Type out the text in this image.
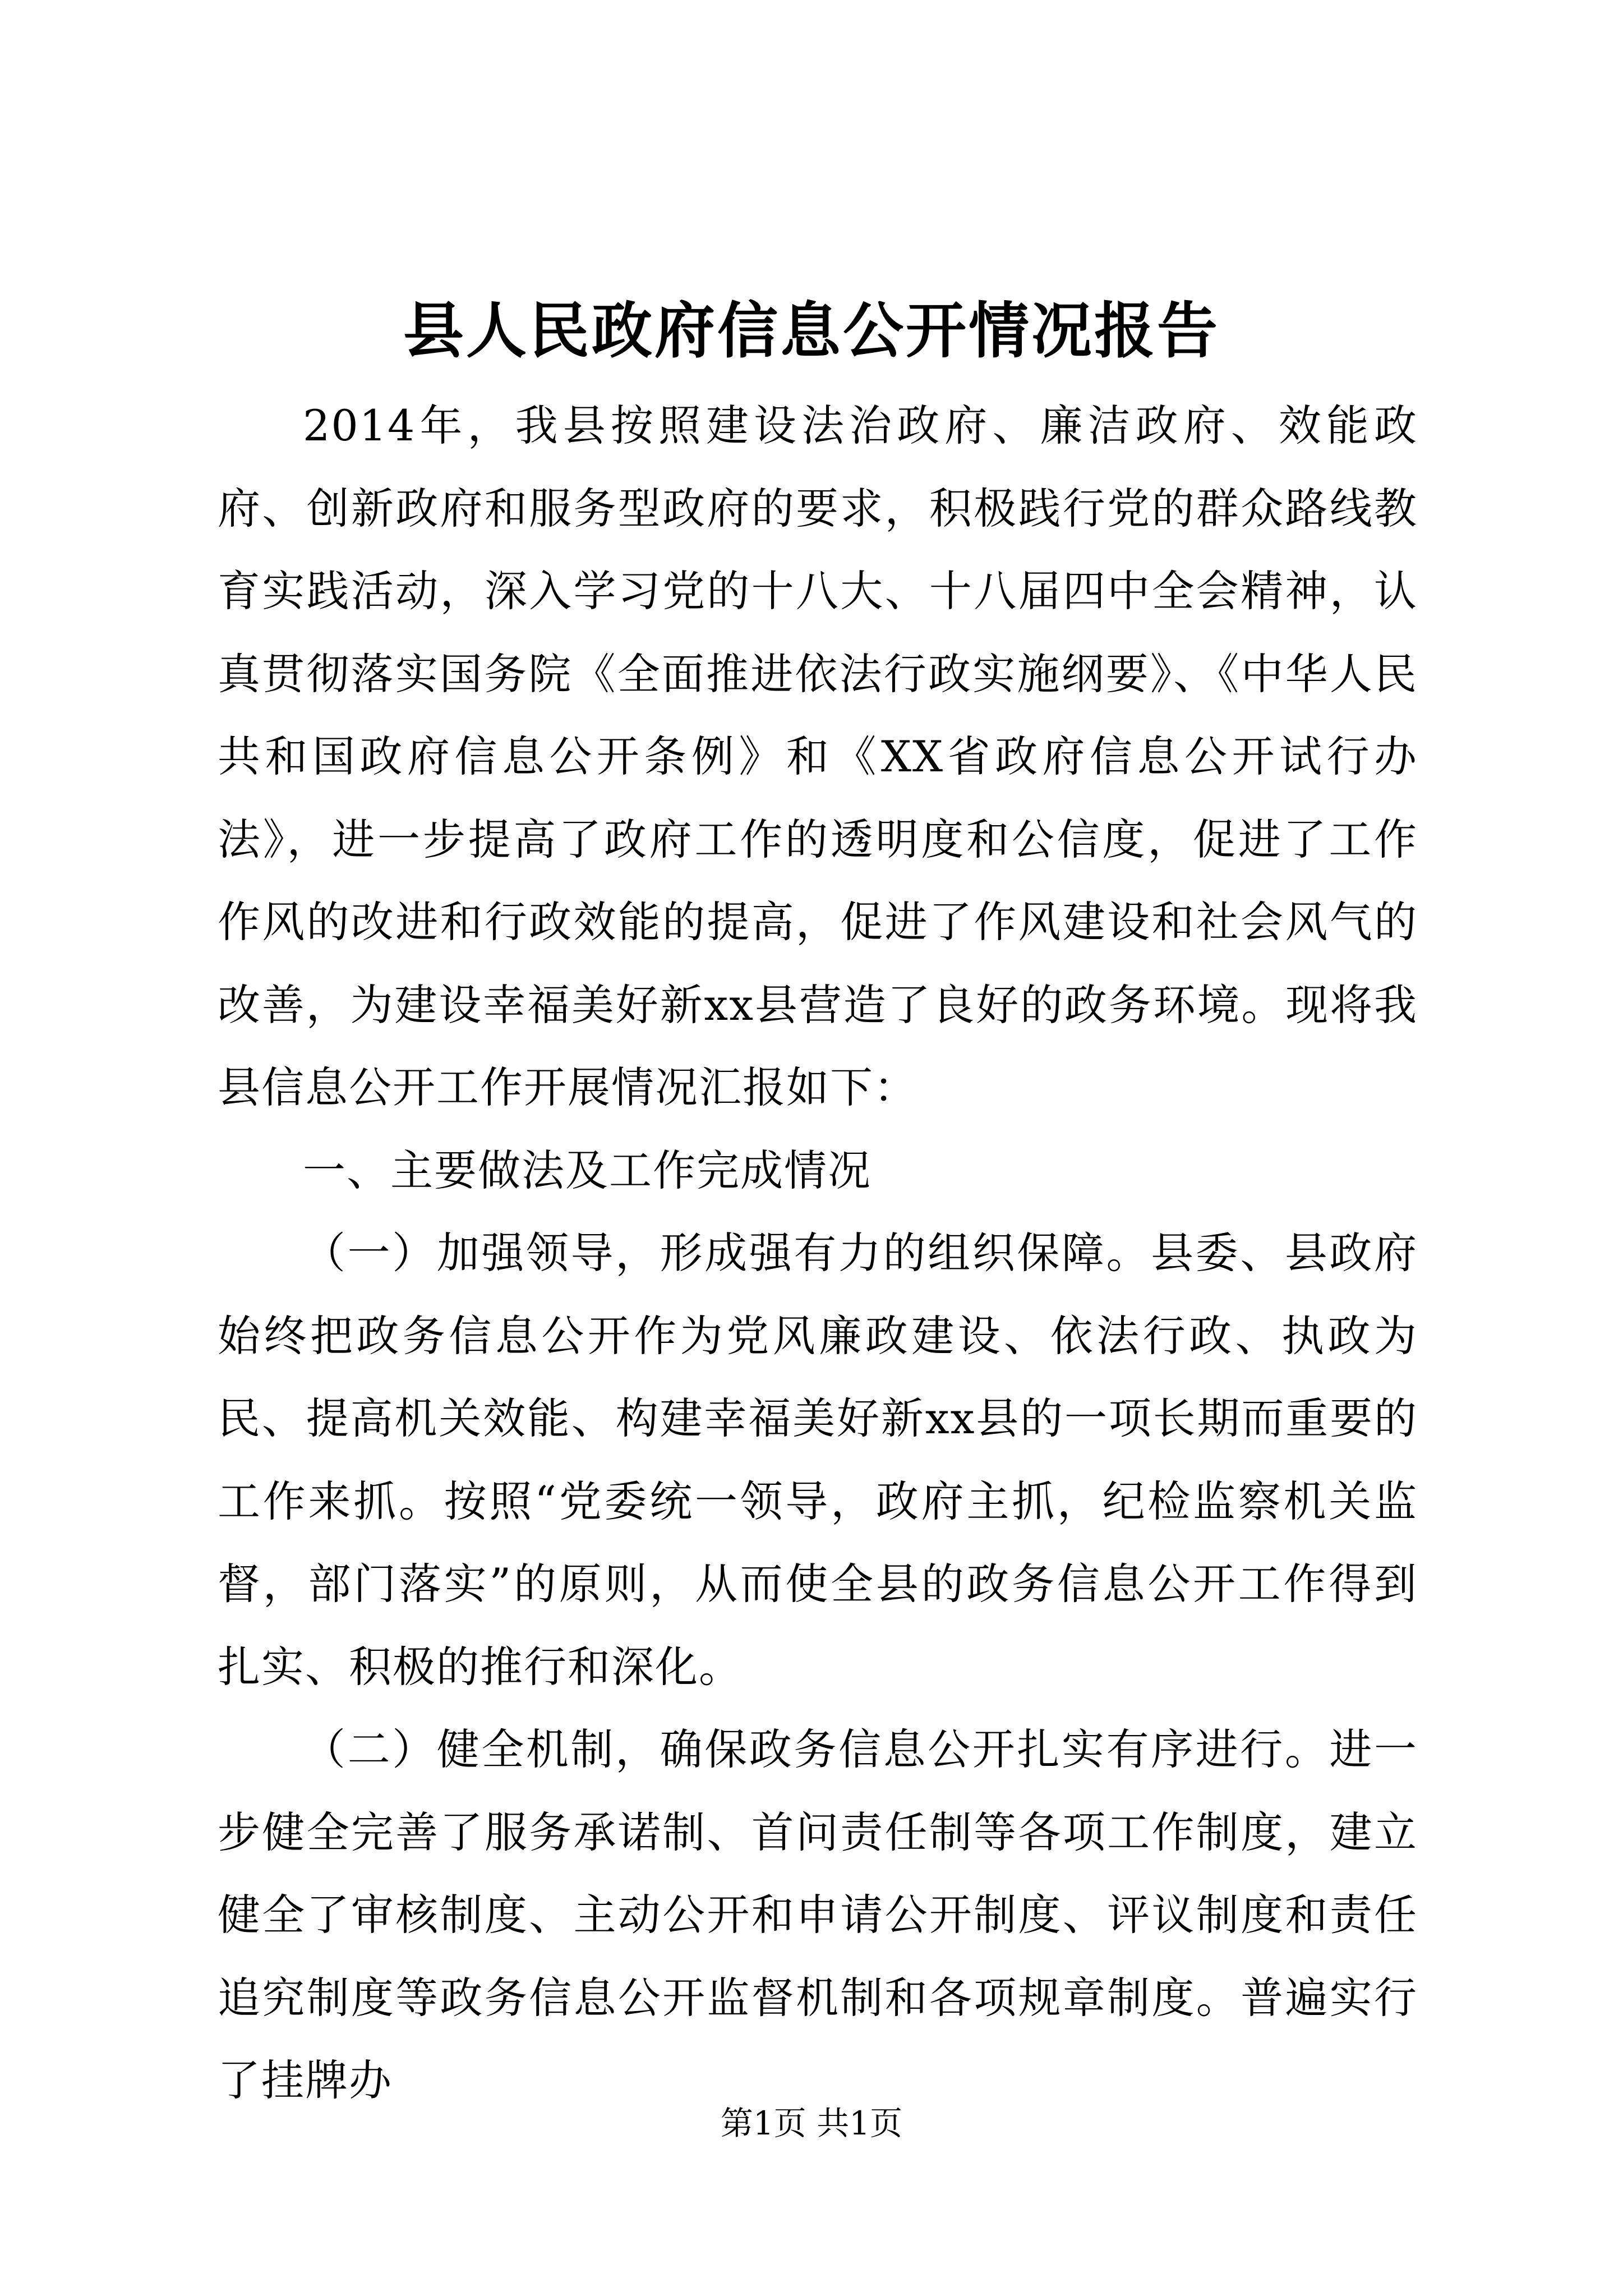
县人民政府信息公开情况报告

2014年，我县按照建设法治政府、廉洁政府、效能政府、创新政府和服务型政府的要求，积极践行党的群众路线教育实践活动，深入学习党的十八大、十八届四中全会精神，认真贯彻落实国务院《全面推进依法行政实施纲要》、《中华人民共和国政府信息公开条例》和《XX省政府信息公开试行办法》，进一步提高了政府工作的透明度和公信度，促进了工作作风的改进和行政效能的提高，促进了作风建设和社会风气的改善，为建设幸福美好新xx县营造了良好的政务环境。现将我县信息公开工作开展情况汇报如下：

一、主要做法及工作完成情况

（一）加强领导，形成强有力的组织保障。县委、县政府始终把政务信息公开作为党风廉政建设、依法行政、执政为民、提高机关效能、构建幸福美好新xx县的一项长期而重要的工作来抓。按照“党委统一领导，政府主抓，纪检监察机关监督，部门落实”的原则，从而使全县的政务信息公开工作得到扎实、积极的推行和深化。

（二）健全机制，确保政务信息公开扎实有序进行。进一步健全完善了服务承诺制、首问责任制等各项工作制度，建立健全了审核制度、主动公开和申请公开制度、评议制度和责任追究制度等政务信息公开监督机制和各项规章制度。普遍实行了挂牌办

第1页 共1页
